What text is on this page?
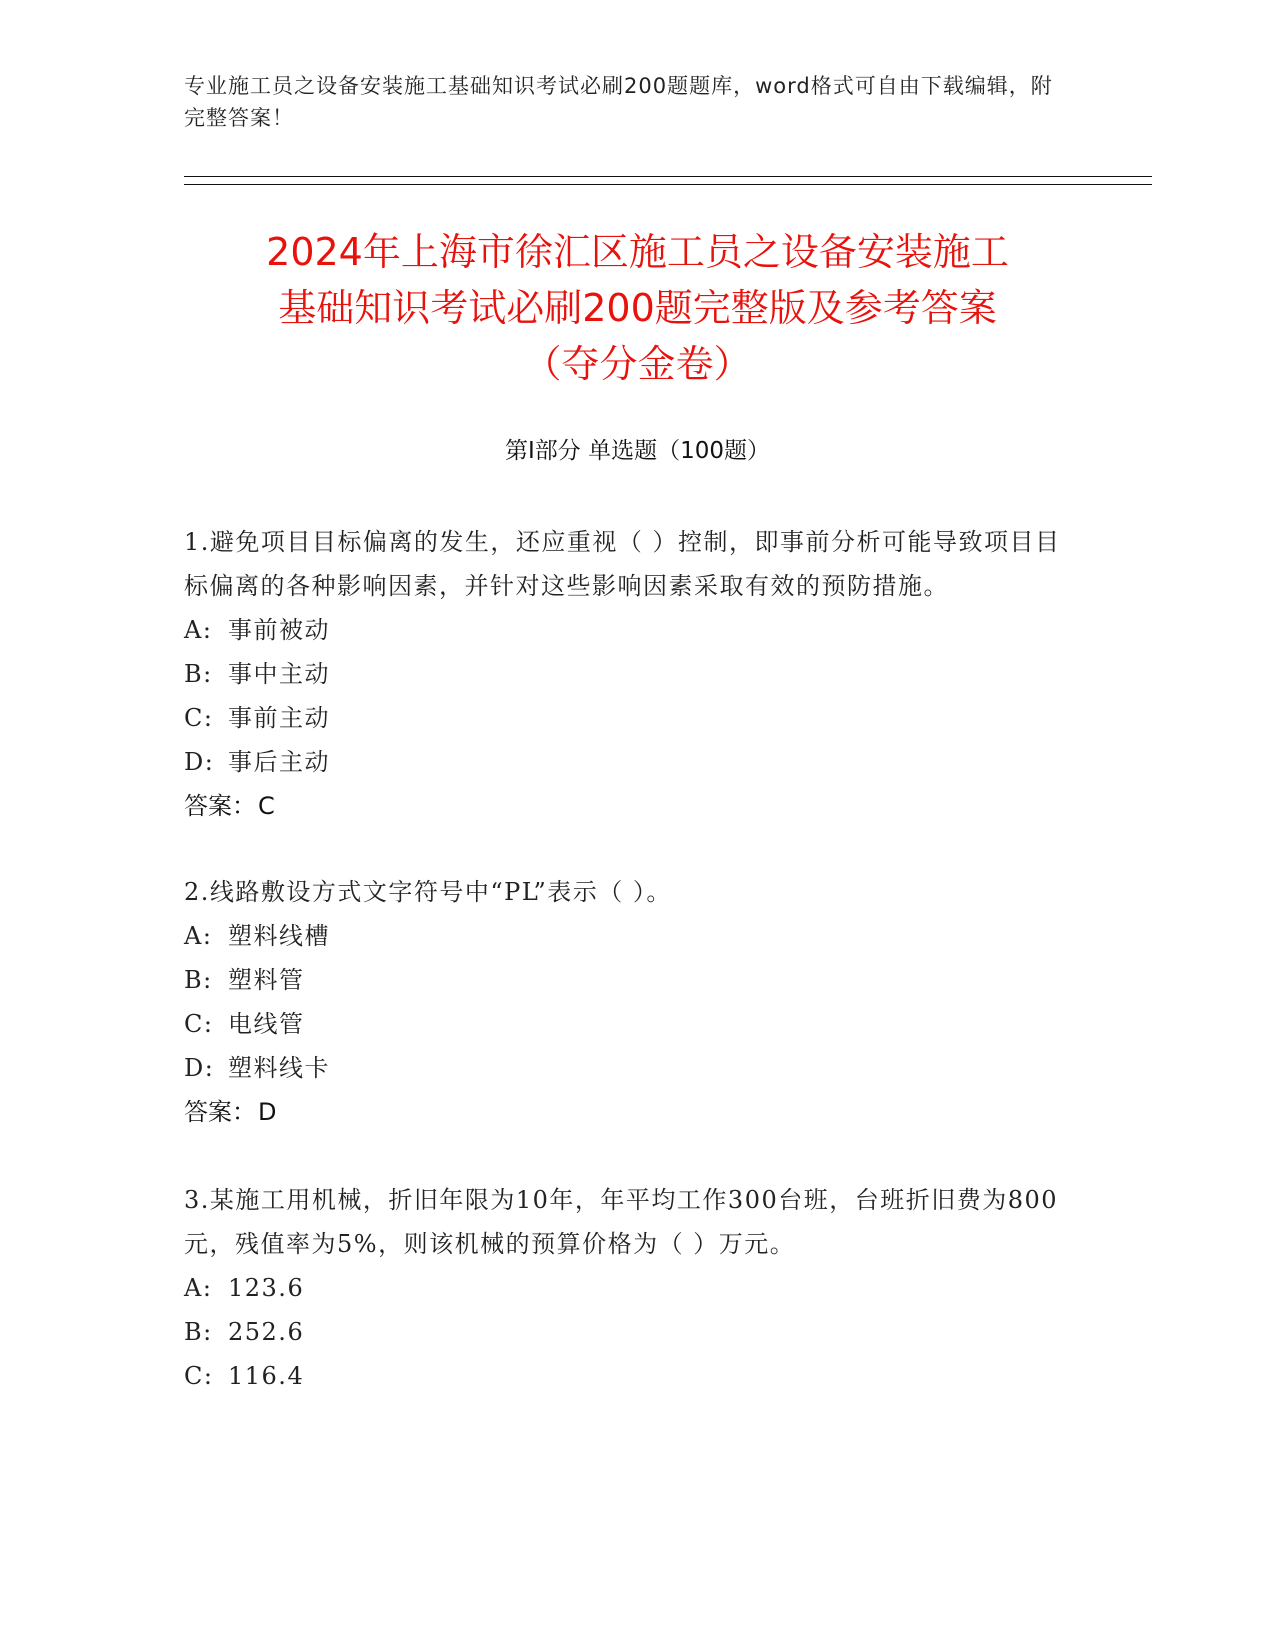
专业施工员之设备安装施工基础知识考试必刷200题题库，word格式可自由下载编辑，附完整答案！
2024年上海市徐汇区施工员之设备安装施工
基础知识考试必刷200题完整版及参考答案
（夺分金卷）
第Ⅰ部分 单选题（100题）

1.避免项目目标偏离的发生，还应重视（ ）控制，即事前分析可能导致项目目标偏离的各种影响因素，并针对这些影响因素采取有效的预防措施。

A: 事前被动

B: 事中主动

C: 事前主动

D: 事后主动

答案：C

2.线路敷设方式文字符号中“PL”表示（ ）。

A: 塑料线槽

B: 塑料管

C: 电线管

D: 塑料线卡

答案：D

3.某施工用机械，折旧年限为10年，年平均工作300台班，台班折旧费为800元，残值率为5%，则该机械的预算价格为（ ）万元。

A: 123.6

B: 252.6

C: 116.4
